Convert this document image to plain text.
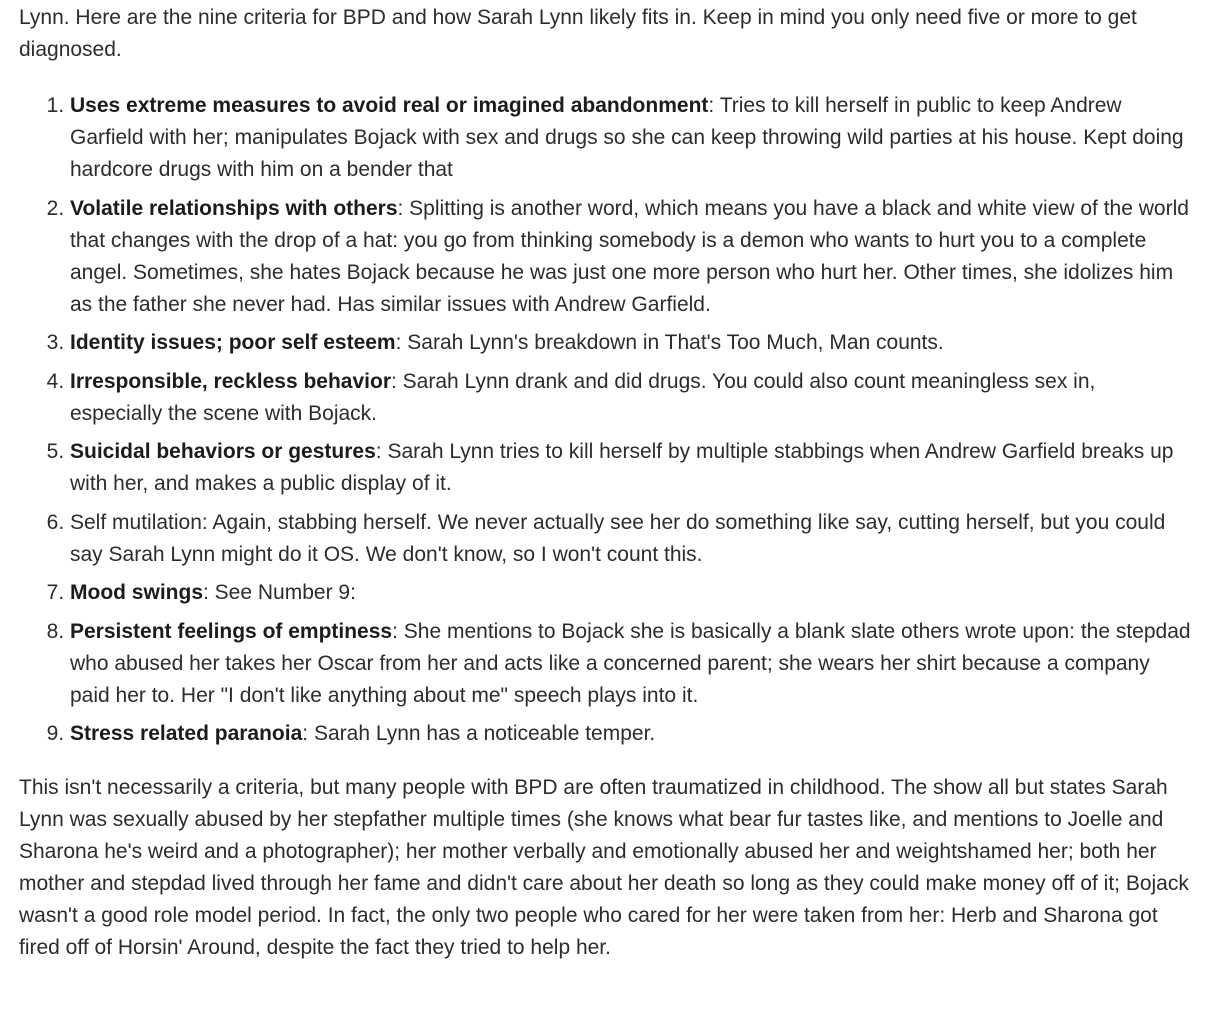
Lynn. Here are the nine criteria for BPD and how Sarah Lynn likely fits in. Keep in mind you only need five or more to get diagnosed.

1. Uses extreme measures to avoid real or imagined abandonment: Tries to kill herself in public to keep Andrew Garfield with her; manipulates Bojack with sex and drugs so she can keep throwing wild parties at his house. Kept doing hardcore drugs with him on a bender that
2. Volatile relationships with others: Splitting is another word, which means you have a black and white view of the world that changes with the drop of a hat: you go from thinking somebody is a demon who wants to hurt you to a complete angel. Sometimes, she hates Bojack because he was just one more person who hurt her. Other times, she idolizes him as the father she never had. Has similar issues with Andrew Garfield.
3. Identity issues; poor self esteem: Sarah Lynn's breakdown in That's Too Much, Man counts.
4. Irresponsible, reckless behavior: Sarah Lynn drank and did drugs. You could also count meaningless sex in, especially the scene with Bojack.
5. Suicidal behaviors or gestures: Sarah Lynn tries to kill herself by multiple stabbings when Andrew Garfield breaks up with her, and makes a public display of it.
6. Self mutilation: Again, stabbing herself. We never actually see her do something like say, cutting herself, but you could say Sarah Lynn might do it OS. We don't know, so I won't count this.
7. Mood swings: See Number 9:
8. Persistent feelings of emptiness: She mentions to Bojack she is basically a blank slate others wrote upon: the stepdad who abused her takes her Oscar from her and acts like a concerned parent; she wears her shirt because a company paid her to. Her "I don't like anything about me" speech plays into it.
9. Stress related paranoia: Sarah Lynn has a noticeable temper.

This isn't necessarily a criteria, but many people with BPD are often traumatized in childhood. The show all but states Sarah Lynn was sexually abused by her stepfather multiple times (she knows what bear fur tastes like, and mentions to Joelle and Sharona he's weird and a photographer); her mother verbally and emotionally abused her and weightshamed her; both her mother and stepdad lived through her fame and didn't care about her death so long as they could make money off of it; Bojack wasn't a good role model period. In fact, the only two people who cared for her were taken from her: Herb and Sharona got fired off of Horsin' Around, despite the fact they tried to help her.
